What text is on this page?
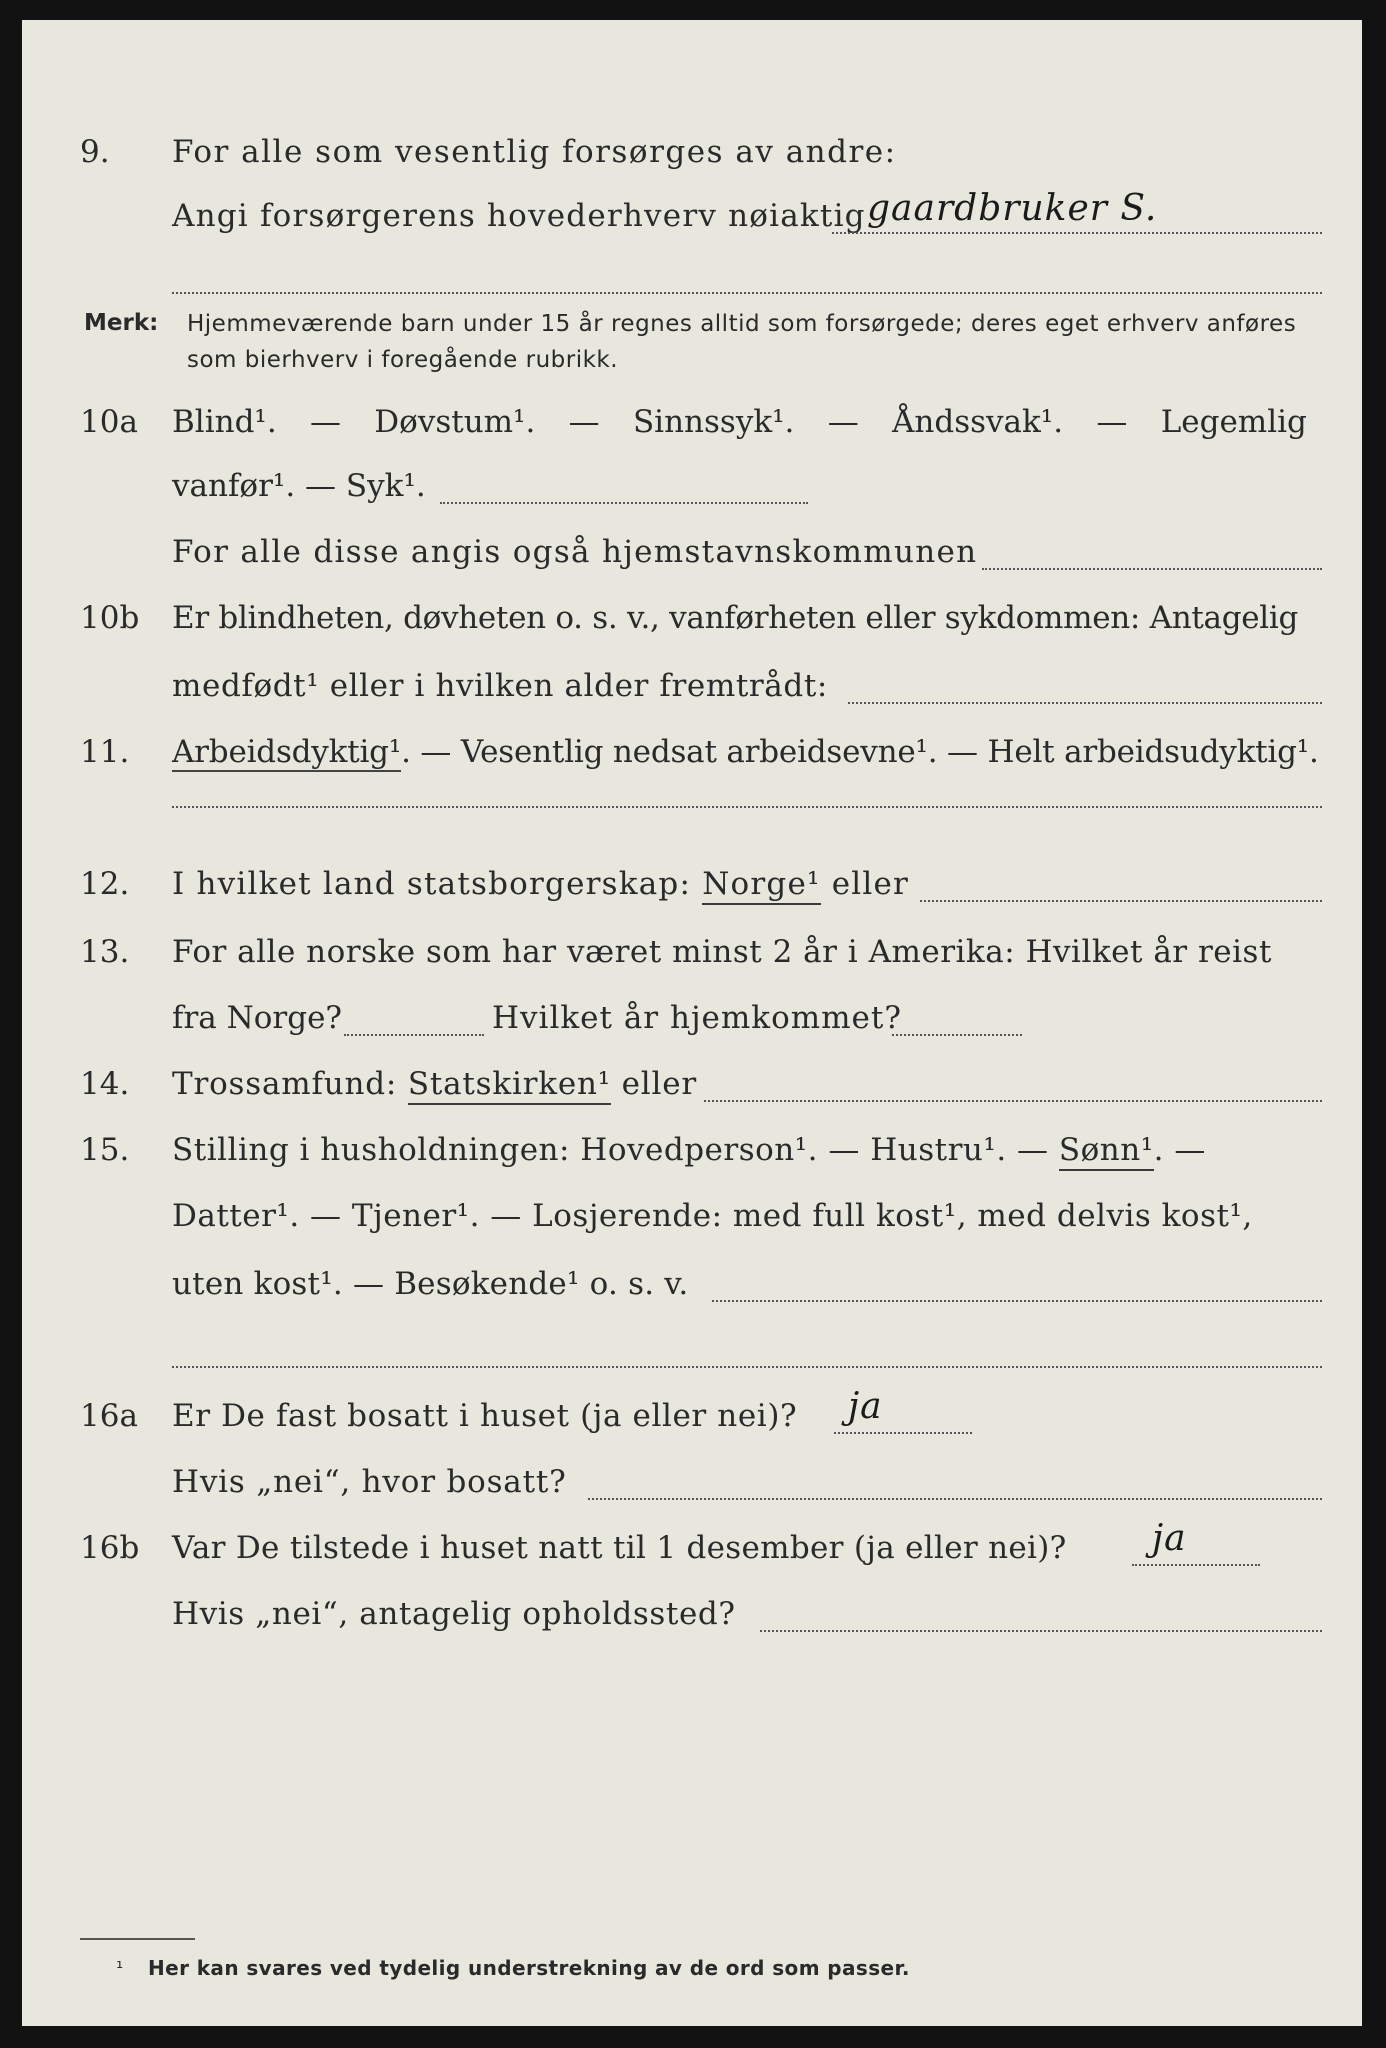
9. For alle som vesentlig forsørges av andre:
Angi forsørgerens hovederhverv nøiaktig gaardbruker S.
Merk: Hjemmeværende barn under 15 år regnes alltid som forsørgede; deres eget erhverv anføres som bierhverv i foregående rubrikk.
10a Blind¹. — Døvstum¹. — Sinnssyk¹. — Åndssvak¹. — Legemlig
vanfør¹. — Syk¹.
For alle disse angis også hjemstavnskommunen
10b Er blindheten, døvheten o. s. v., vanførheten eller sykdommen: Antagelig
medfødt¹ eller i hvilken alder fremtrådt:
11. Arbeidsdyktig¹. — Vesentlig nedsat arbeidsevne¹. — Helt arbeidsudyktig¹.
12. I hvilket land statsborgerskap: Norge¹ eller
13. For alle norske som har været minst 2 år i Amerika: Hvilket år reist
fra Norge?	Hvilket år hjemkommet?
14. Trossamfund: Statskirken¹ eller
15. Stilling i husholdningen: Hovedperson¹. — Hustru¹. — Sønn¹. —
Datter¹. — Tjener¹. — Losjerende: med full kost¹, med delvis kost¹,
uten kost¹. — Besøkende¹ o. s. v.
16a Er De fast bosatt i huset (ja eller nei)? ja
Hvis „nei“, hvor bosatt?
16b Var De tilstede i huset natt til 1 desember (ja eller nei)? ja
Hvis „nei“, antagelig opholdssted?
¹ Her kan svares ved tydelig understrekning av de ord som passer.
